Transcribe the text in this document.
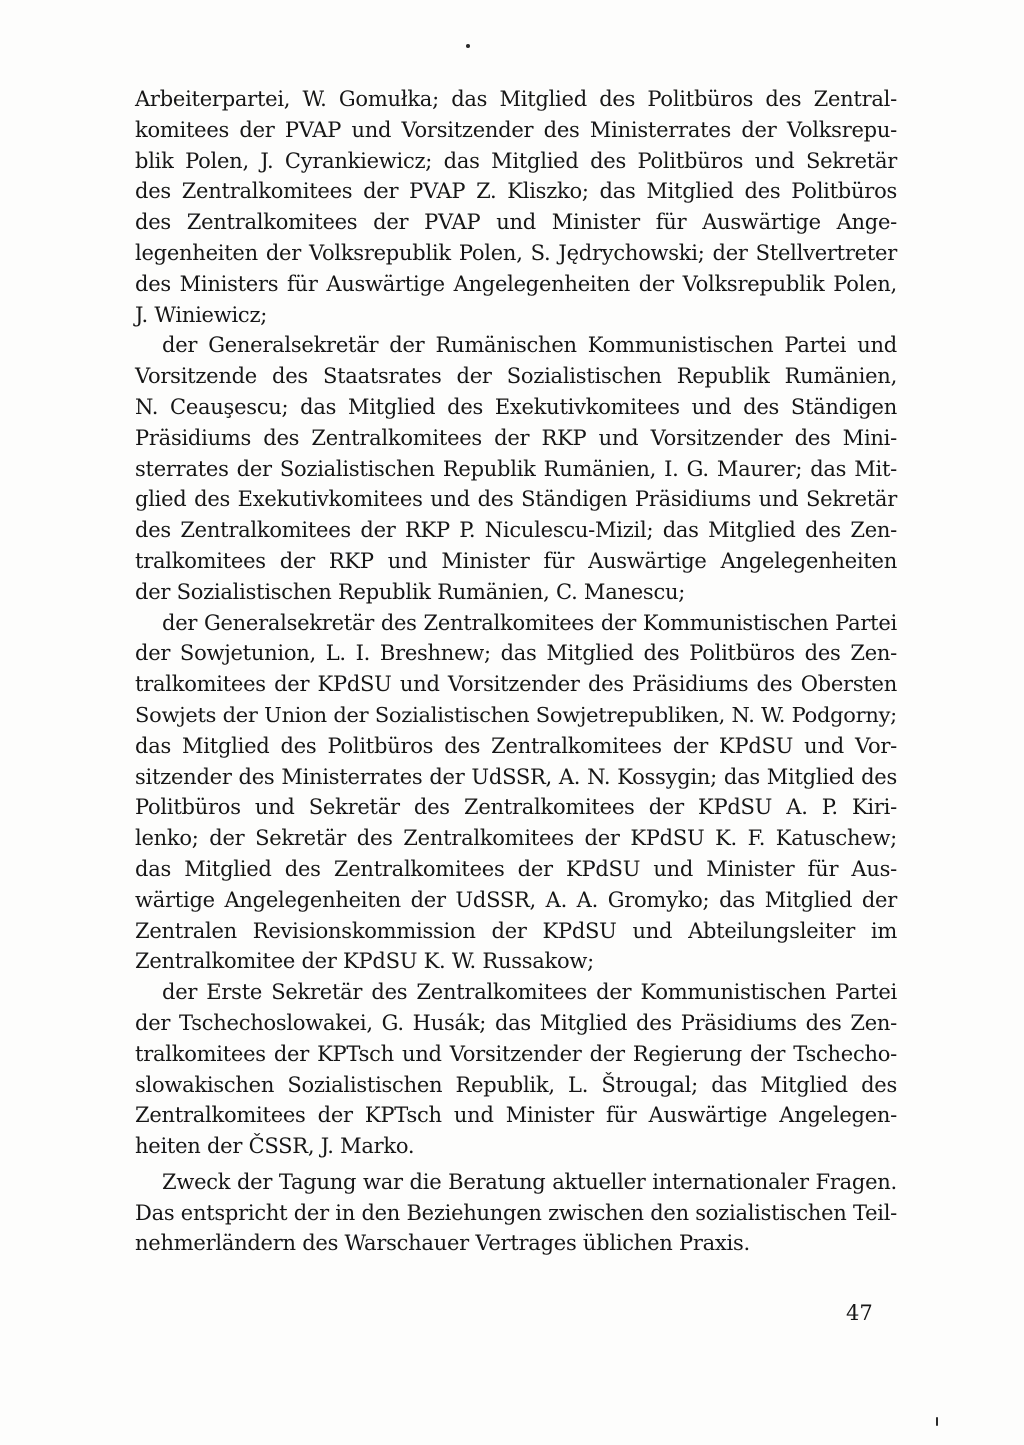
Arbeiterpartei, W. Gomułka; das Mitglied des Politbüros des Zentral-
komitees der PVAP und Vorsitzender des Ministerrates der Volksrepu-
blik Polen, J. Cyrankiewicz; das Mitglied des Politbüros und Sekretär
des Zentralkomitees der PVAP Z. Kliszko; das Mitglied des Politbüros
des Zentralkomitees der PVAP und Minister für Auswärtige Ange-
legenheiten der Volksrepublik Polen, S. Jędrychowski; der Stellvertreter
des Ministers für Auswärtige Angelegenheiten der Volksrepublik Polen,
J. Winiewicz;
der Generalsekretär der Rumänischen Kommunistischen Partei und
Vorsitzende des Staatsrates der Sozialistischen Republik Rumänien,
N. Ceauşescu; das Mitglied des Exekutivkomitees und des Ständigen
Präsidiums des Zentralkomitees der RKP und Vorsitzender des Mini-
sterrates der Sozialistischen Republik Rumänien, I. G. Maurer; das Mit-
glied des Exekutivkomitees und des Ständigen Präsidiums und Sekretär
des Zentralkomitees der RKP P. Niculescu-Mizil; das Mitglied des Zen-
tralkomitees der RKP und Minister für Auswärtige Angelegenheiten
der Sozialistischen Republik Rumänien, C. Manescu;
der Generalsekretär des Zentralkomitees der Kommunistischen Partei
der Sowjetunion, L. I. Breshnew; das Mitglied des Politbüros des Zen-
tralkomitees der KPdSU und Vorsitzender des Präsidiums des Obersten
Sowjets der Union der Sozialistischen Sowjetrepubliken, N. W. Podgorny;
das Mitglied des Politbüros des Zentralkomitees der KPdSU und Vor-
sitzender des Ministerrates der UdSSR, A. N. Kossygin; das Mitglied des
Politbüros und Sekretär des Zentralkomitees der KPdSU A. P. Kiri-
lenko; der Sekretär des Zentralkomitees der KPdSU K. F. Katuschew;
das Mitglied des Zentralkomitees der KPdSU und Minister für Aus-
wärtige Angelegenheiten der UdSSR, A. A. Gromyko; das Mitglied der
Zentralen Revisionskommission der KPdSU und Abteilungsleiter im
Zentralkomitee der KPdSU K. W. Russakow;
der Erste Sekretär des Zentralkomitees der Kommunistischen Partei
der Tschechoslowakei, G. Husák; das Mitglied des Präsidiums des Zen-
tralkomitees der KPTsch und Vorsitzender der Regierung der Tschecho-
slowakischen Sozialistischen Republik, L. Štrougal; das Mitglied des
Zentralkomitees der KPTsch und Minister für Auswärtige Angelegen-
heiten der ČSSR, J. Marko.
Zweck der Tagung war die Beratung aktueller internationaler Fragen.
Das entspricht der in den Beziehungen zwischen den sozialistischen Teil-
nehmerländern des Warschauer Vertrages üblichen Praxis.
47
